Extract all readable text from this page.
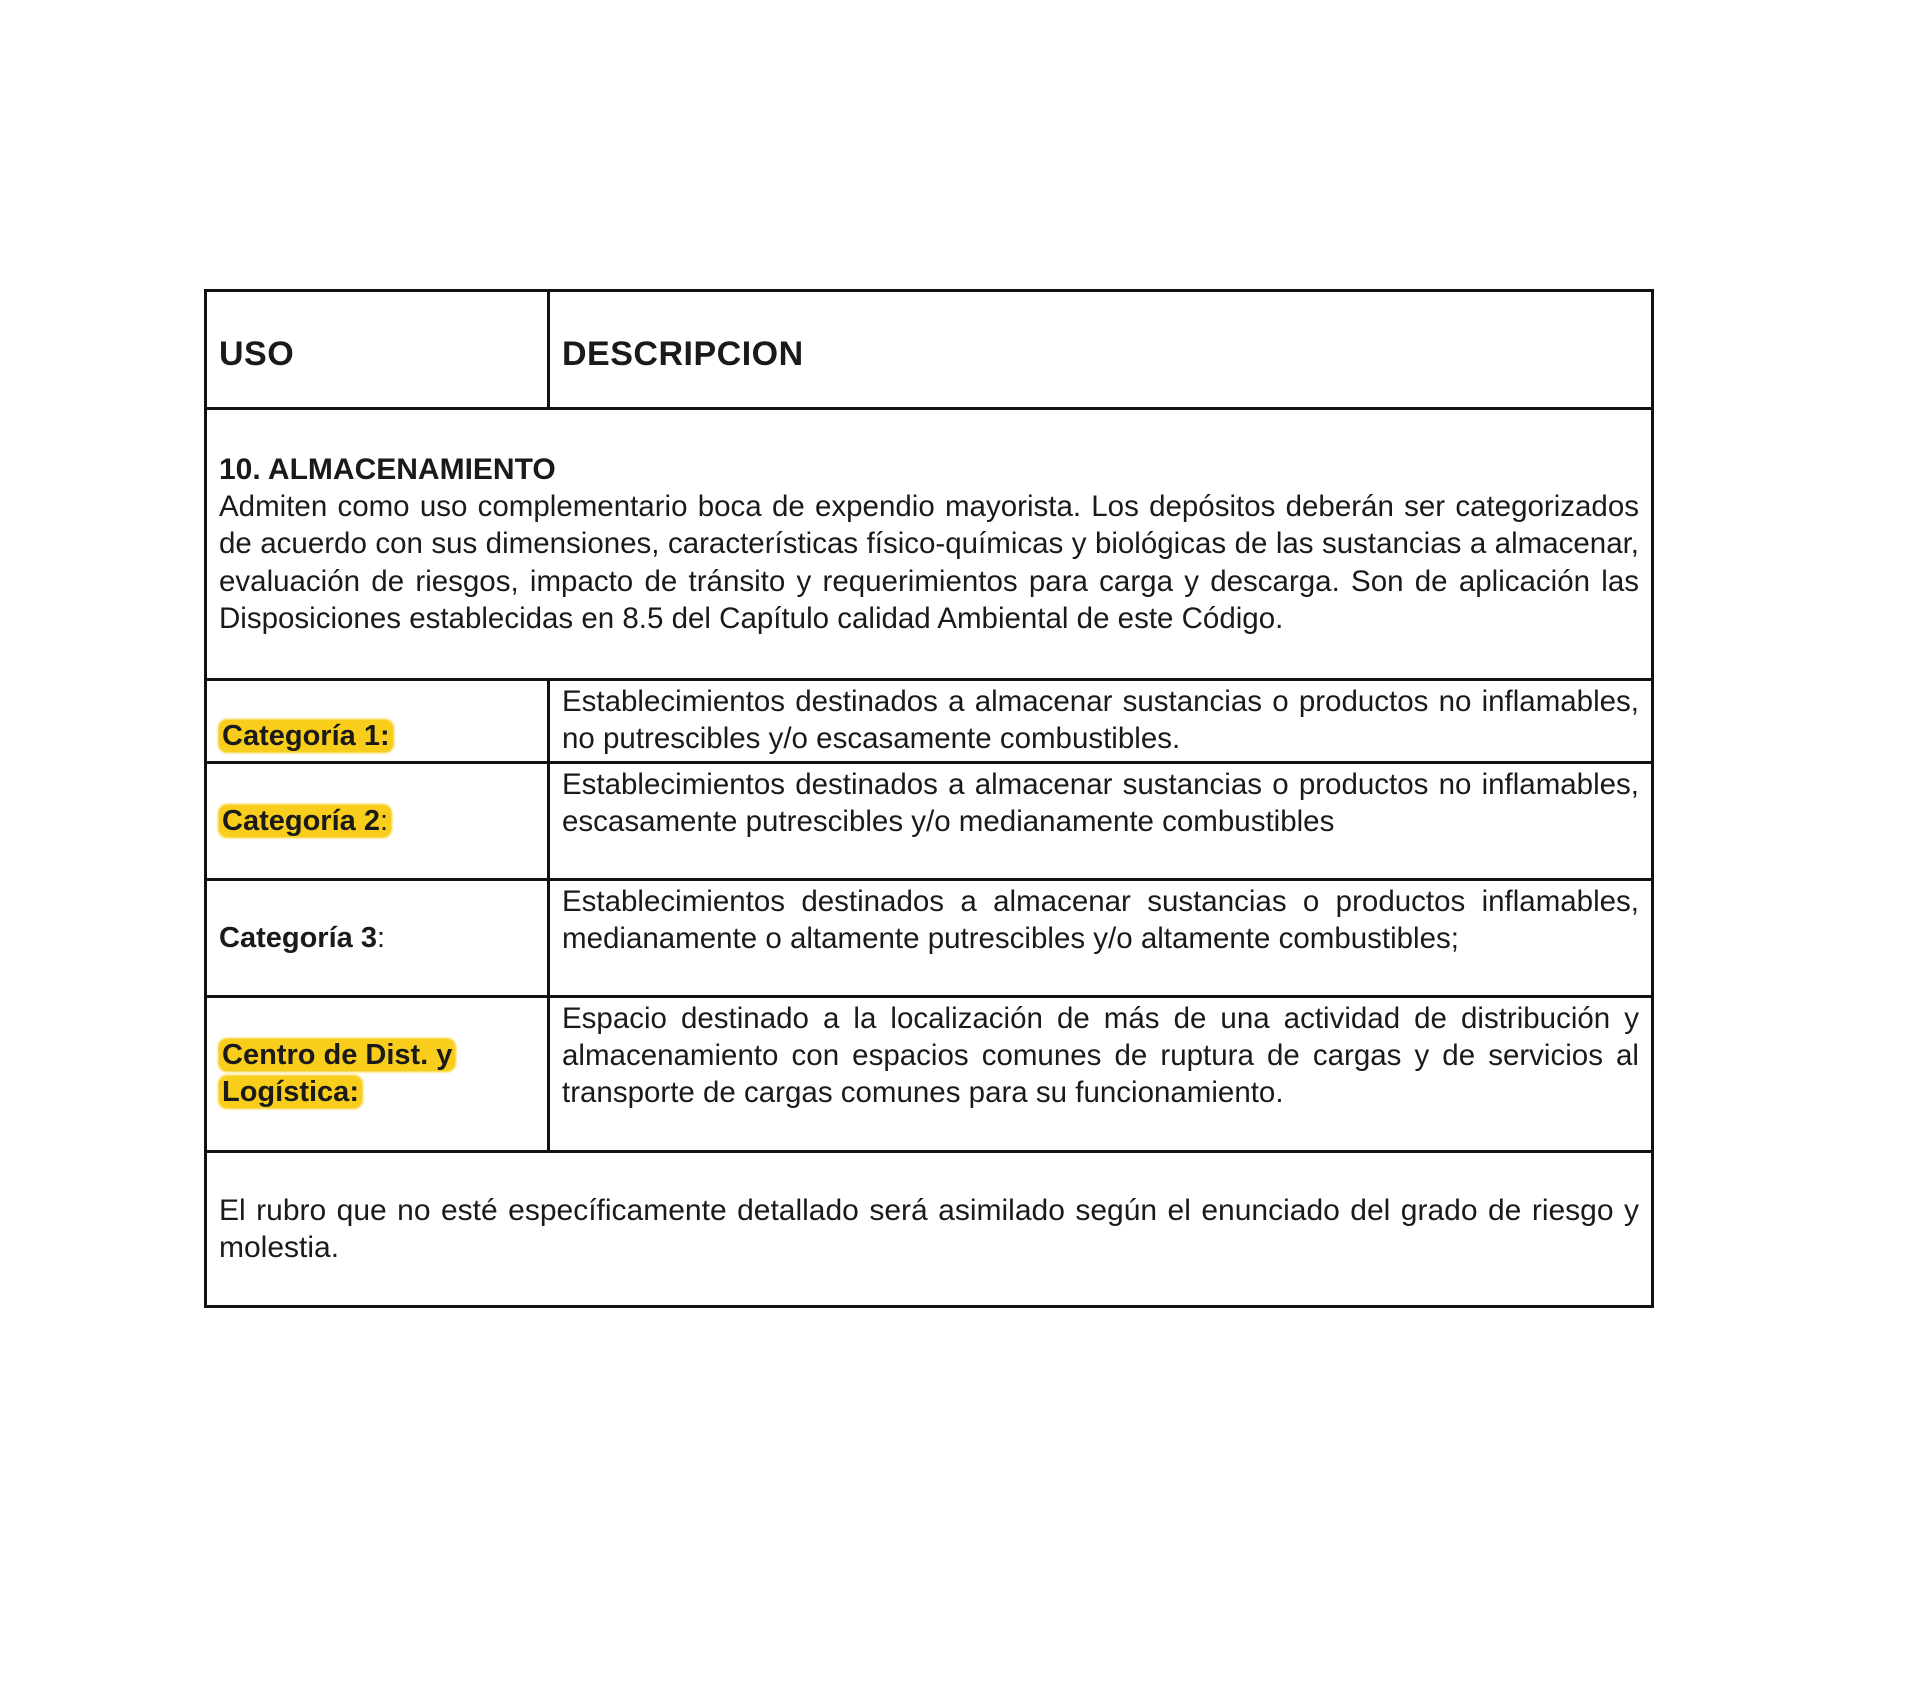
USO	DESCRIPCION

10. ALMACENAMIENTO
Admiten como uso complementario boca de expendio mayorista. Los depósitos deberán ser categorizados de acuerdo con sus dimensiones, características físico-químicas y biológicas de las sustancias a almacenar, evaluación de riesgos, impacto de tránsito y requerimientos para carga y descarga. Son de aplicación las Disposiciones establecidas en 8.5 del Capítulo calidad Ambiental de este Código.	

Categoría 1:	Establecimientos destinados a almacenar sustancias o productos no inflamables, no putrescibles y/o escasamente combustibles.
Categoría 2:	Establecimientos destinados a almacenar sustancias o productos no inflamables, escasamente putrescibles y/o medianamente combustibles
Categoría 3:	Establecimientos destinados a almacenar sustancias o productos inflamables, medianamente o altamente putrescibles y/o altamente combustibles;
Centro de Dist. y
Logística:	Espacio destinado a la localización de más de una actividad de distribución y almacenamiento con espacios comunes de ruptura de cargas y de servicios al transporte de cargas comunes para su funcionamiento.
El rubro que no esté específicamente detallado será asimilado según el enunciado del grado de riesgo y molestia.	
